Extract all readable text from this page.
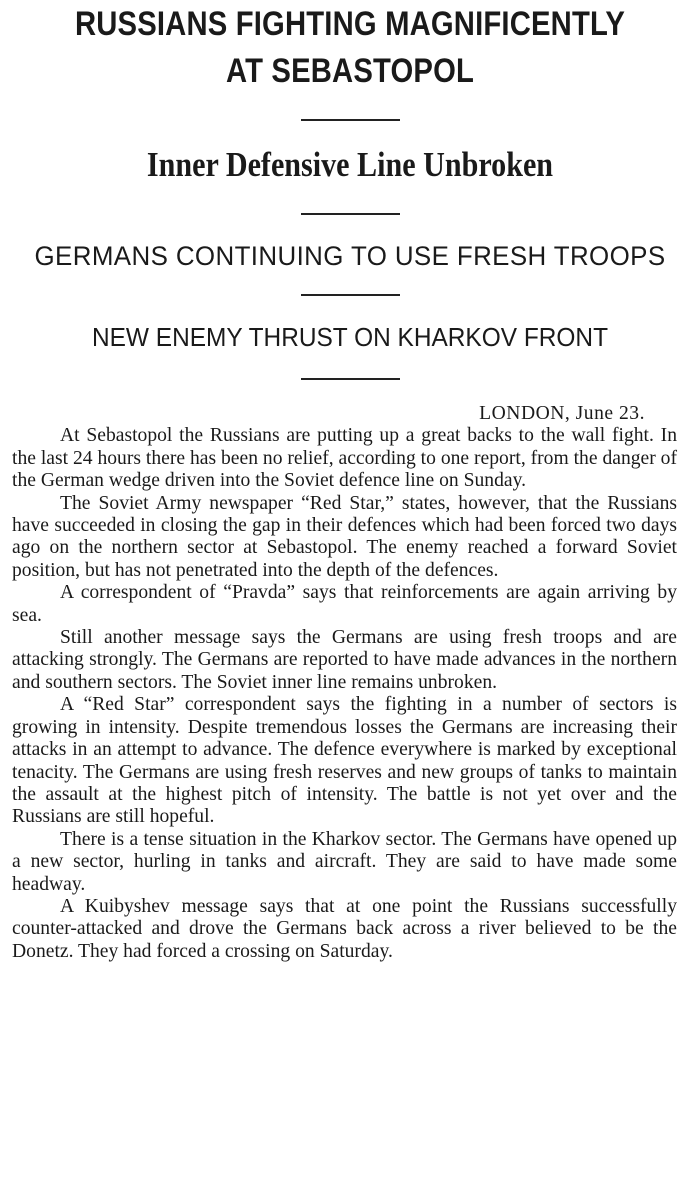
RUSSIANS FIGHTING MAGNIFICENTLY
AT SEBASTOPOL
Inner Defensive Line Unbroken
GERMANS CONTINUING TO USE FRESH TROOPS
NEW ENEMY THRUST ON KHARKOV FRONT

LONDON, June 23.

At Sebastopol the Russians are putting up a great backs to the wall fight. In the last 24 hours there has been no relief, according to one report, from the danger of the German wedge driven into the Soviet defence line on Sunday.

The Soviet Army newspaper “Red Star,” states, however, that the Russians have succeeded in closing the gap in their defences which had been forced two days ago on the northern sector at Sebastopol. The enemy reached a forward Soviet position, but has not penetrated into the depth of the defences.

A correspondent of “Pravda” says that reinforcements are again arriving by sea.

Still another message says the Germans are using fresh troops and are attacking strongly. The Germans are reported to have made advances in the northern and southern sectors. The Soviet inner line remains unbroken.

A “Red Star” correspondent says the fighting in a number of sectors is growing in intensity. Despite tremendous losses the Germans are increasing their attacks in an attempt to advance. The defence everywhere is marked by exceptional tenacity. The Germans are using fresh reserves and new groups of tanks to maintain the assault at the highest pitch of intensity. The battle is not yet over and the Russians are still hopeful.

There is a tense situation in the Kharkov sector. The Germans have opened up a new sector, hurling in tanks and aircraft. They are said to have made some headway.

A Kuibyshev message says that at one point the Russians successfully counter-attacked and drove the Germans back across a river believed to be the Donetz. They had forced a crossing on Saturday.
